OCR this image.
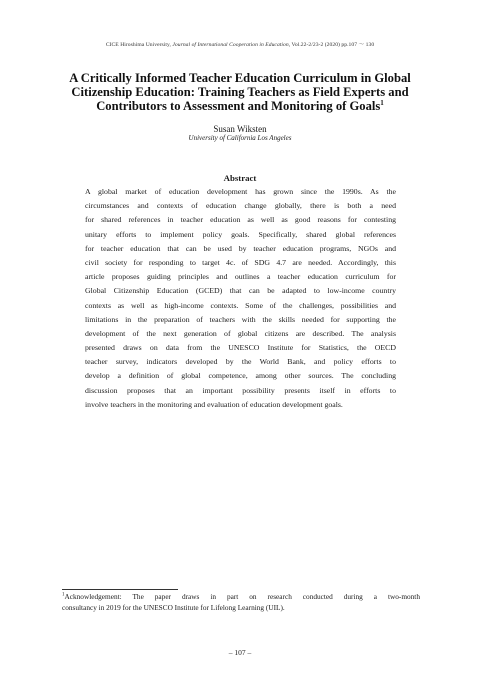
CICE Hiroshima University, Journal of International Cooperation in Education, Vol.22-2/23-2 (2020) pp.107 〜 130
A Critically Informed Teacher Education Curriculum in Global Citizenship Education: Training Teachers as Field Experts and Contributors to Assessment and Monitoring of Goals$^1$
Susan Wiksten
University of California Los Angeles
Abstract
A global market of education development has grown since the 1990s. As the
circumstances and contexts of education change globally, there is both a need
for shared references in teacher education as well as good reasons for contesting
unitary efforts to implement policy goals. Specifically, shared global references
for teacher education that can be used by teacher education programs, NGOs and
civil society for responding to target 4c. of SDG 4.7 are needed. Accordingly, this
article proposes guiding principles and outlines a teacher education curriculum for
Global Citizenship Education (GCED) that can be adapted to low-income country
contexts as well as high-income contexts. Some of the challenges, possibilities and
limitations in the preparation of teachers with the skills needed for supporting the
development of the next generation of global citizens are described. The analysis
presented draws on data from the UNESCO Institute for Statistics, the OECD
teacher survey, indicators developed by the World Bank, and policy efforts to
develop a definition of global competence, among other sources. The concluding
discussion proposes that an important possibility presents itself in efforts to
involve teachers in the monitoring and evaluation of education development goals.
$^1$Acknowledgement: The paper draws in part on research conducted during a two-month
consultancy in 2019 for the UNESCO Institute for Lifelong Learning (UIL).
– 107 –
